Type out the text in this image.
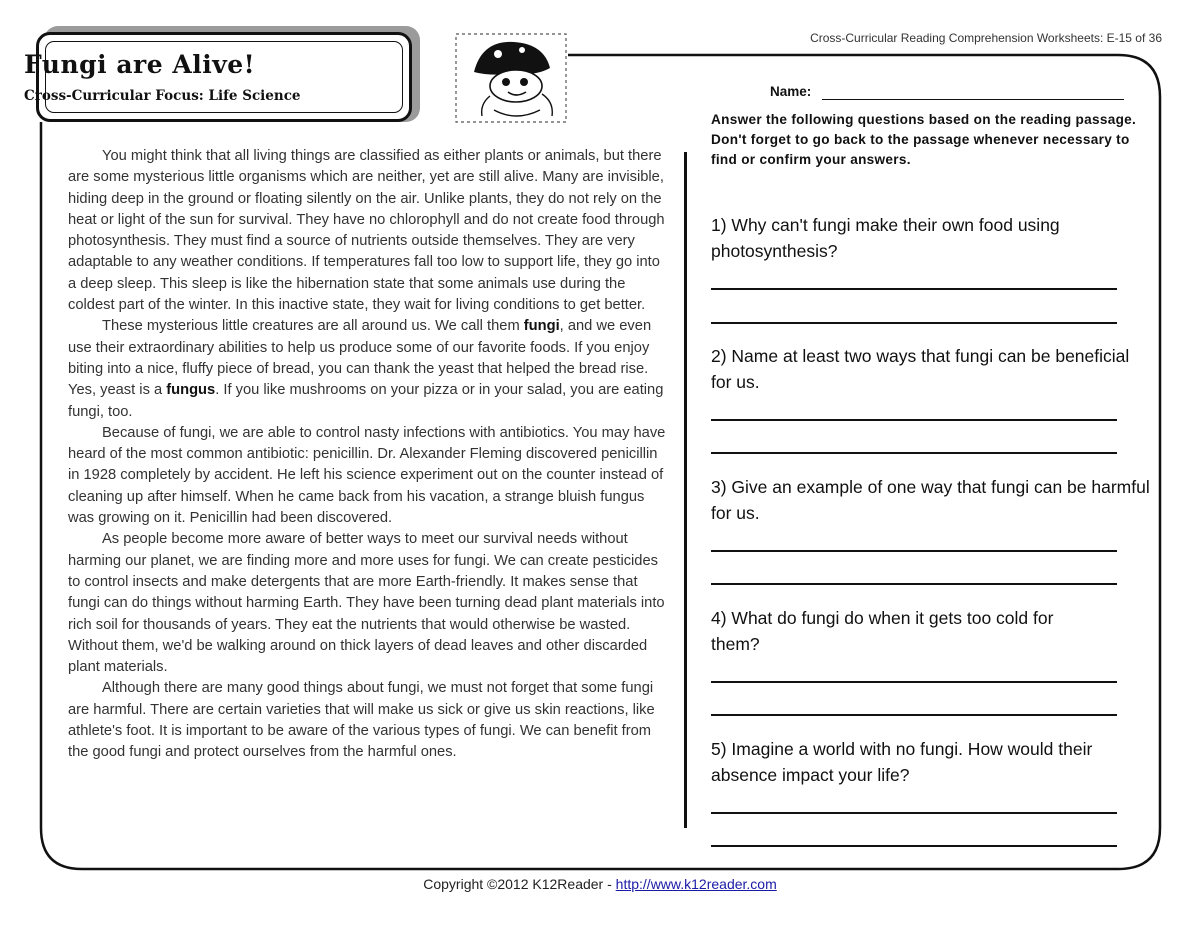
Cross-Curricular Reading Comprehension Worksheets: E-15 of 36
Fungi are Alive!
Cross-Curricular Focus: Life Science

You might think that all living things are classified as either plants or animals, but there are some mysterious little organisms which are neither, yet are still alive. Many are invisible, hiding deep in the ground or floating silently on the air. Unlike plants, they do not rely on the heat or light of the sun for survival. They have no chlorophyll and do not create food through photosynthesis. They must find a source of nutrients outside themselves. They are very adaptable to any weather conditions. If temperatures fall too low to support life, they go into a deep sleep. This sleep is like the hibernation state that some animals use during the coldest part of the winter. In this inactive state, they wait for living conditions to get better.

These mysterious little creatures are all around us. We call them fungi, and we even use their extraordinary abilities to help us produce some of our favorite foods. If you enjoy biting into a nice, fluffy piece of bread, you can thank the yeast that helped the bread rise. Yes, yeast is a fungus. If you like mushrooms on your pizza or in your salad, you are eating fungi, too.

Because of fungi, we are able to control nasty infections with antibiotics. You may have heard of the most common antibiotic: penicillin. Dr. Alexander Fleming discovered penicillin in 1928 completely by accident. He left his science experiment out on the counter instead of cleaning up after himself. When he came back from his vacation, a strange bluish fungus was growing on it. Penicillin had been discovered.

As people become more aware of better ways to meet our survival needs without harming our planet, we are finding more and more uses for fungi. We can create pesticides to control insects and make detergents that are more Earth-friendly. It makes sense that fungi can do things without harming Earth. They have been turning dead plant materials into rich soil for thousands of years. They eat the nutrients that would otherwise be wasted. Without them, we'd be walking around on thick layers of dead leaves and other discarded plant materials.

Although there are many good things about fungi, we must not forget that some fungi are harmful. There are certain varieties that will make us sick or give us skin reactions, like athlete's foot. It is important to be aware of the various types of fungi. We can benefit from the good fungi and protect ourselves from the harmful ones.

Name:
Answer the following questions based on the reading passage. Don't forget to go back to the passage whenever necessary to find or confirm your answers.
1) Why can't fungi make their own food using photosynthesis?
2) Name at least two ways that fungi can be beneficial for us.
3) Give an example of one way that fungi can be harmful for us.
4) What do fungi do when it gets too cold for them?
5) Imagine a world with no fungi. How would their absence impact your life?
Copyright ©2012 K12Reader - http://www.k12reader.com
